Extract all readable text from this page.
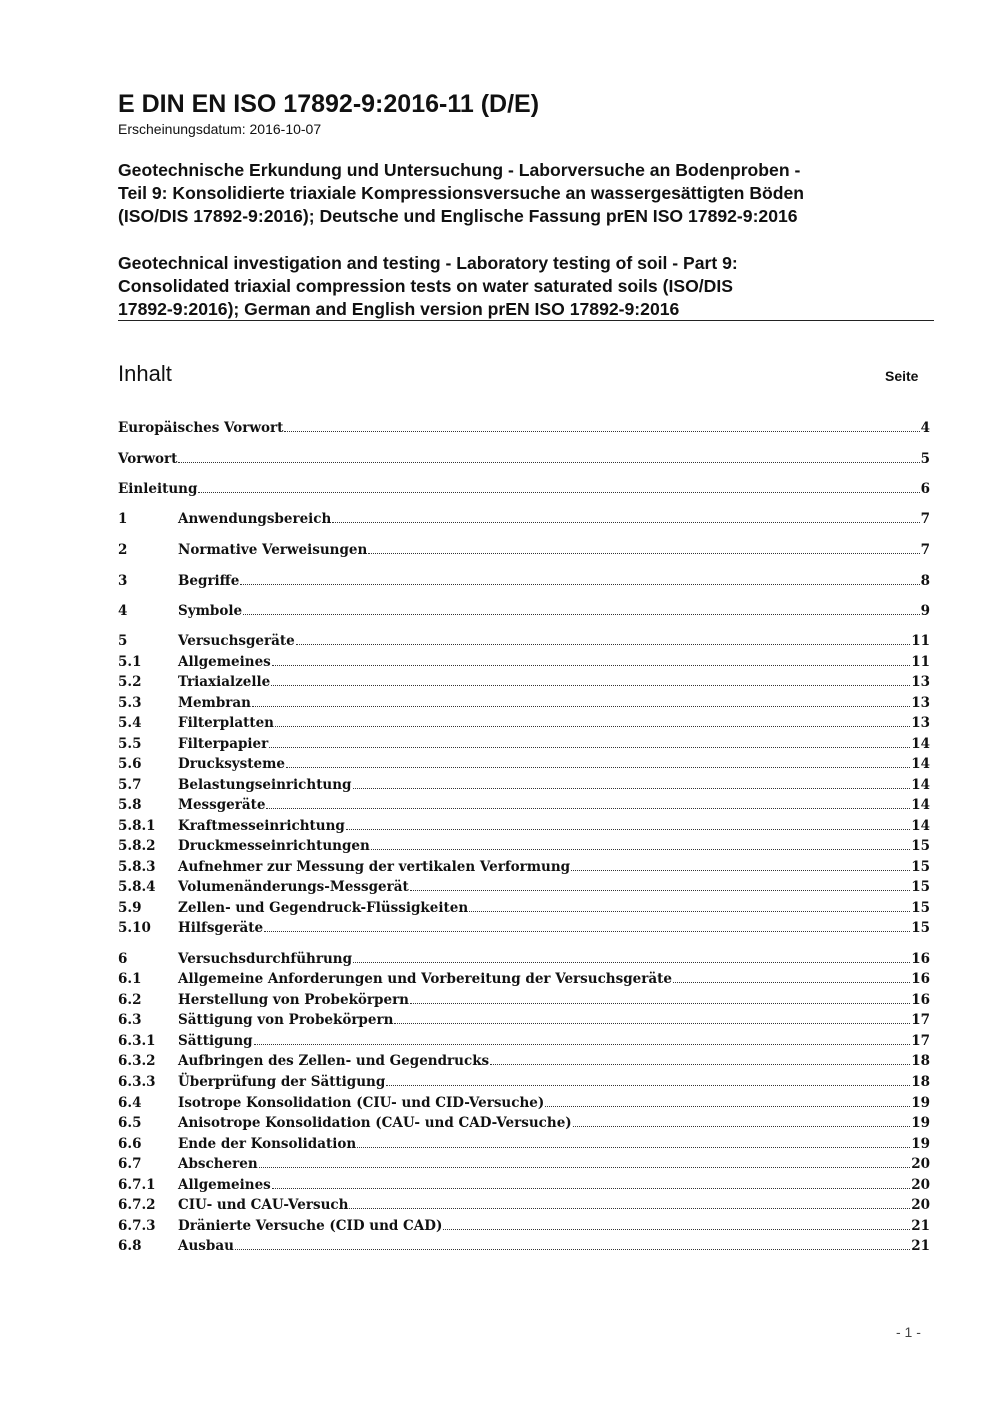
E DIN EN ISO 17892-9:2016-11 (D/E)
Erscheinungsdatum: 2016-10-07
Geotechnische Erkundung und Untersuchung - Laborversuche an Bodenproben -
Teil 9: Konsolidierte triaxiale Kompressionsversuche an wassergesättigten Böden
(ISO/DIS 17892-9:2016); Deutsche und Englische Fassung prEN ISO 17892-9:2016
Geotechnical investigation and testing - Laboratory testing of soil - Part 9:
Consolidated triaxial compression tests on water saturated soils (ISO/DIS
17892-9:2016); German and English version prEN ISO 17892-9:2016
Inhalt	Seite
Europäisches Vorwort	4
Vorwort	5
Einleitung	6
1	Anwendungsbereich	7
2	Normative Verweisungen	7
3	Begriffe	8
4	Symbole	9
5	Versuchsgeräte	11
5.1	Allgemeines	11
5.2	Triaxialzelle	13
5.3	Membran	13
5.4	Filterplatten	13
5.5	Filterpapier	14
5.6	Drucksysteme	14
5.7	Belastungseinrichtung	14
5.8	Messgeräte	14
5.8.1	Kraftmesseinrichtung	14
5.8.2	Druckmesseinrichtungen	15
5.8.3	Aufnehmer zur Messung der vertikalen Verformung	15
5.8.4	Volumenänderungs-Messgerät	15
5.9	Zellen- und Gegendruck-Flüssigkeiten	15
5.10	Hilfsgeräte	15
6	Versuchsdurchführung	16
6.1	Allgemeine Anforderungen und Vorbereitung der Versuchsgeräte	16
6.2	Herstellung von Probekörpern	16
6.3	Sättigung von Probekörpern	17
6.3.1	Sättigung	17
6.3.2	Aufbringen des Zellen- und Gegendrucks	18
6.3.3	Überprüfung der Sättigung	18
6.4	Isotrope Konsolidation (CIU- und CID-Versuche)	19
6.5	Anisotrope Konsolidation (CAU- und CAD-Versuche)	19
6.6	Ende der Konsolidation	19
6.7	Abscheren	20
6.7.1	Allgemeines	20
6.7.2	CIU- und CAU-Versuch	20
6.7.3	Dränierte Versuche (CID und CAD)	21
6.8	Ausbau	21
- 1 -
